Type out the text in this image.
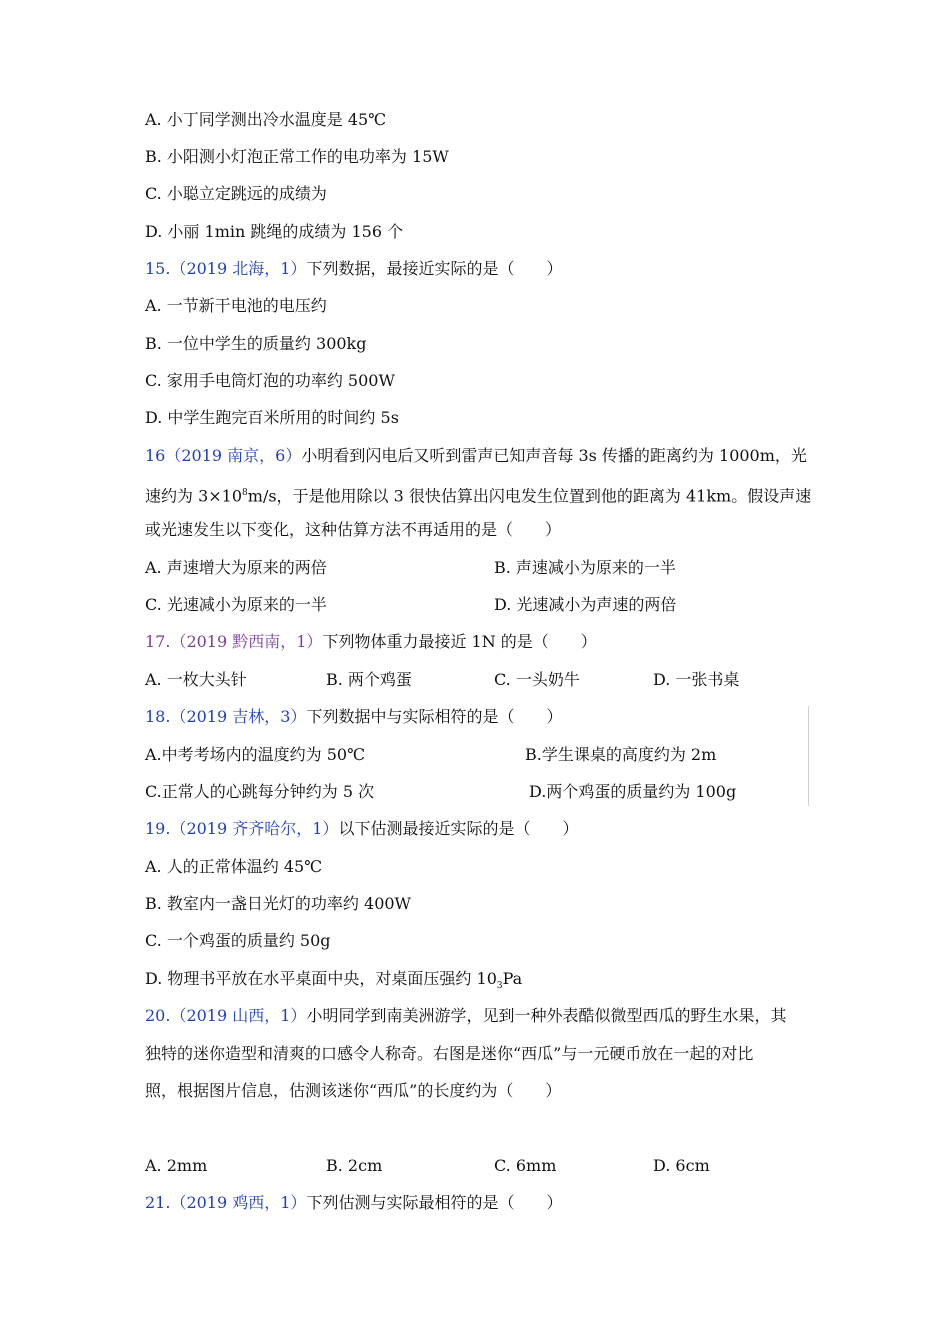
A. 小丁同学测出冷水温度是 45℃
B. 小阳测小灯泡正常工作的电功率为 15W
C. 小聪立定跳远的成绩为
D. 小丽 1min 跳绳的成绩为 156 个
15.（2019 北海，1）下列数据，最接近实际的是（　　）
A. 一节新干电池的电压约
B. 一位中学生的质量约 300kg
C. 家用手电筒灯泡的功率约 500W
D. 中学生跑完百米所用的时间约 5s
16（2019 南京，6）小明看到闪电后又听到雷声已知声音每 3s 传播的距离约为 1000m，光
速约为 $3\times 10^8m/s$，于是他用除以 3 很快估算出闪电发生位置到他的距离为 41km。假设声速
或光速发生以下变化，这种估算方法不再适用的是（　　）
A. 声速增大为原来的两倍	B. 声速减小为原来的一半
C. 光速减小为原来的一半	D. 光速减小为声速的两倍
17.（2019 黔西南，1）下列物体重力最接近 1N 的是（　　）
A. 一枚大头针	B. 两个鸡蛋	C. 一头奶牛	D. 一张书桌
18.（2019 吉林，3）下列数据中与实际相符的是（　　）
A.中考考场内的温度约为 50℃	B.学生课桌的高度约为 2m
C.正常人的心跳每分钟约为 5 次	D.两个鸡蛋的质量约为 100g
19.（2019 齐齐哈尔，1）以下估测最接近实际的是（　　）
A. 人的正常体温约 45℃
B. 教室内一盏日光灯的功率约 400W
C. 一个鸡蛋的质量约 50g
D. 物理书平放在水平桌面中央，对桌面压强约 $10_3Pa$
20.（2019 山西，1）小明同学到南美洲游学，见到一种外表酷似微型西瓜的野生水果，其
独特的迷你造型和清爽的口感令人称奇。右图是迷你“西瓜”与一元硬币放在一起的对比
照，根据图片信息，估测该迷你“西瓜”的长度约为（　　）
A. 2mm	B. 2cm	C. 6mm	D. 6cm
21.（2019 鸡西，1）下列估测与实际最相符的是（　　）
